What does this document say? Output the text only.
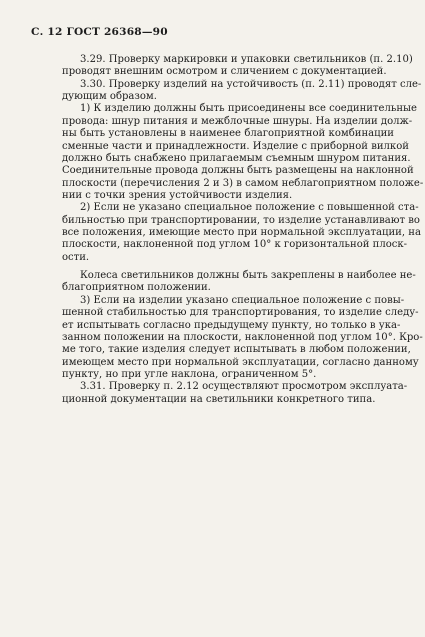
С. 12 ГОСТ 26368—90
3.29. Проверку маркировки и упаковки светильников (п. 2.10)
проводят внешним осмотром и сличением с документацией.
3.30. Проверку изделий на устойчивость (п. 2.11) проводят сле-
дующим образом.
1) К изделию должны быть присоединены все соединительные
провода: шнур питания и межблочные шнуры. На изделии долж-
ны быть установлены в наименее благоприятной комбинации
сменные части и принадлежности. Изделие с приборной вилкой
должно быть снабжено прилагаемым съемным шнуром питания.
Соединительные провода должны быть размещены на наклонной
плоскости (перечисления 2 и 3) в самом неблагоприятном положе-
нии с точки зрения устойчивости изделия.
2) Если не указано специальное положение с повышенной ста-
бильностью при транспортировании, то изделие устанавливают во
все положения, имеющие место при нормальной эксплуатации, на
плоскости, наклоненной под углом 10° к горизонтальной плоск-
ости.
Колеса светильников должны быть закреплены в наиболее не-
благоприятном положении.
3) Если на изделии указано специальное положение с повы-
шенной стабильностью для транспортирования, то изделие следу-
ет испытывать согласно предыдущему пункту, но только в ука-
занном положении на плоскости, наклоненной под углом 10°. Кро-
ме того, такие изделия следует испытывать в любом положении,
имеющем место при нормальной эксплуатации, согласно данному
пункту, но при угле наклона, ограниченном 5°.
3.31. Проверку п. 2.12 осуществляют просмотром эксплуата-
ционной документации на светильники конкретного типа.
